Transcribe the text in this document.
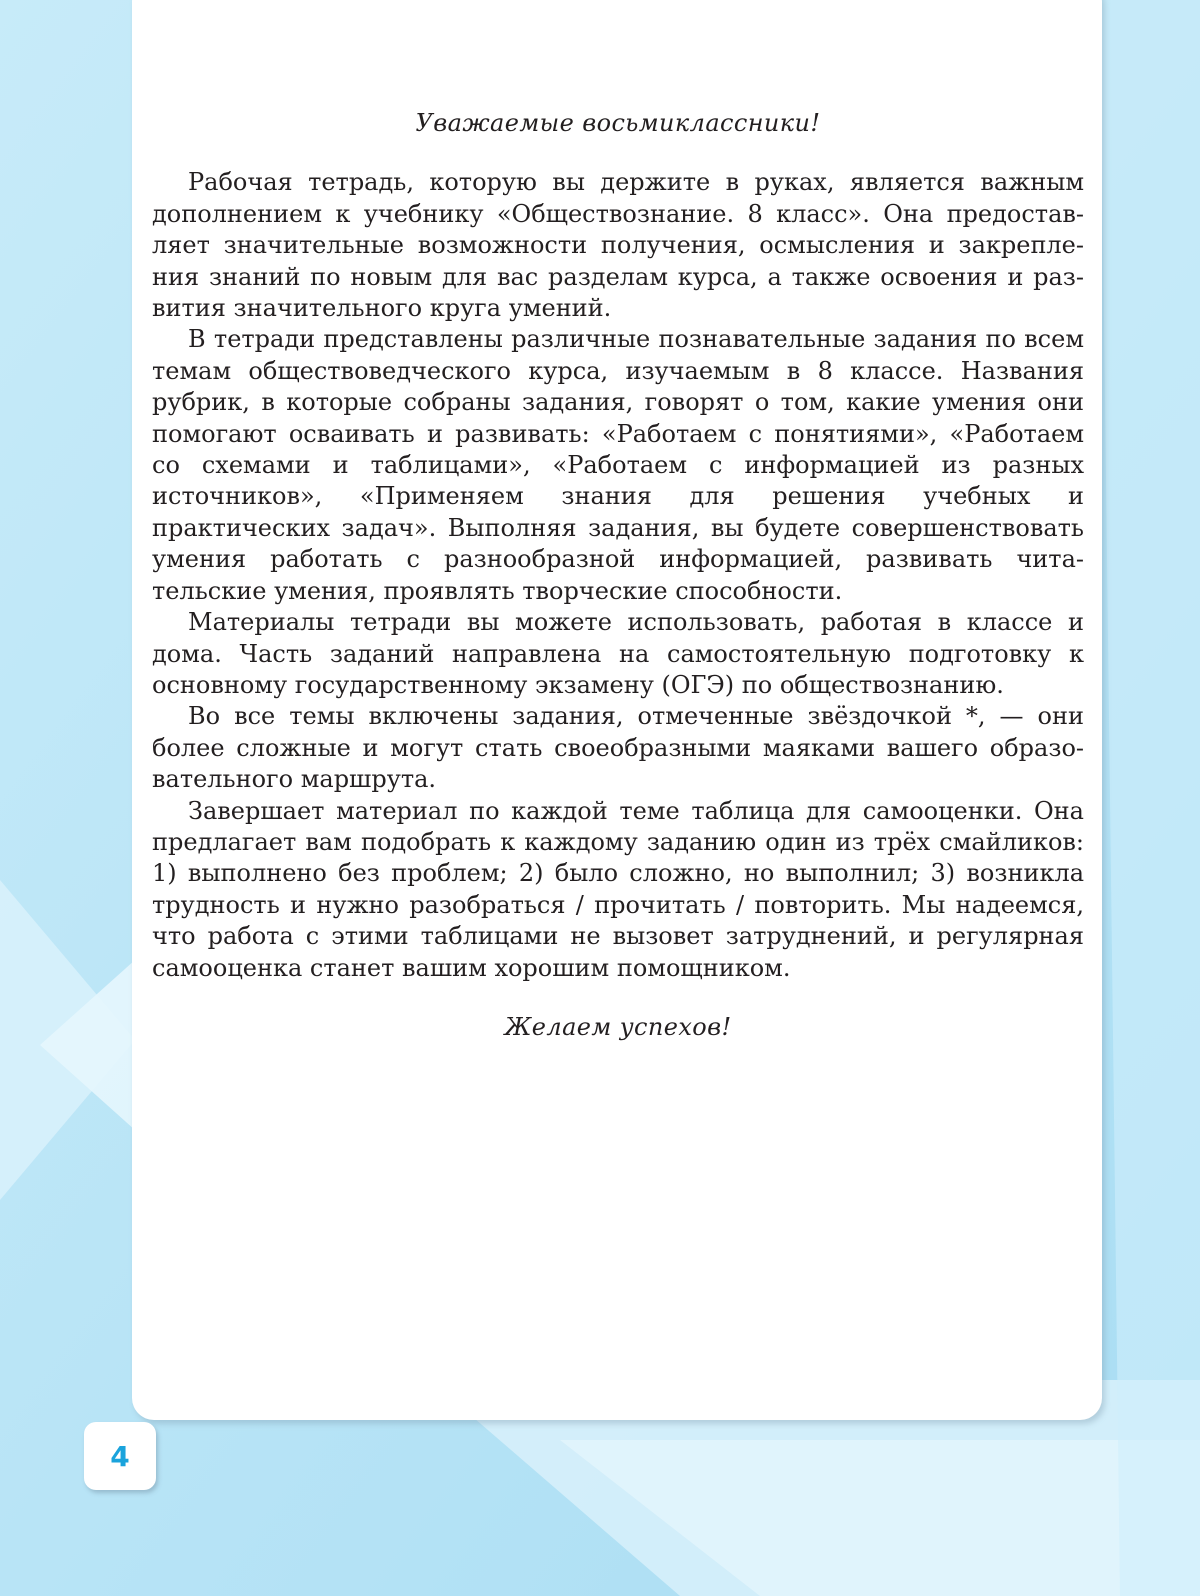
Уважаемые восьмиклассники!

Рабочая тетрадь, которую вы держите в руках, является важным дополнением к учебнику «Обществознание. 8 класс». Она предоставляет значительные возможности получения, осмысления и закрепления знаний по новым для вас разделам курса, а также освоения и развития значительного круга умений.

В тетради представлены различные познавательные задания по всем темам обществоведческого курса, изучаемым в 8 классе. Названия рубрик, в которые собраны задания, говорят о том, какие умения они помогают осваивать и развивать: «Работаем с понятиями», «Работаем со схемами и таблицами», «Работаем с информацией из разных источников», «Применяем знания для решения учебных и практических задач». Выполняя задания, вы будете совершенствовать умения работать с разнообразной информацией, развивать читательские умения, проявлять творческие способности.

Материалы тетради вы можете использовать, работая в классе и дома. Часть заданий направлена на самостоятельную подготовку к основному государственному экзамену (ОГЭ) по обществознанию.

Во все темы включены задания, отмеченные звёздочкой *, — они более сложные и могут стать своеобразными маяками вашего образовательного маршрута.

Завершает материал по каждой теме таблица для самооценки. Она предлагает вам подобрать к каждому заданию один из трёх смайликов: 1) выполнено без проблем; 2) было сложно, но выполнил; 3) возникла трудность и нужно разобраться / прочитать / повторить. Мы надеемся, что работа с этими таблицами не вызовет затруднений, и регулярная самооценка станет вашим хорошим помощником.

Желаем успехов!

4
